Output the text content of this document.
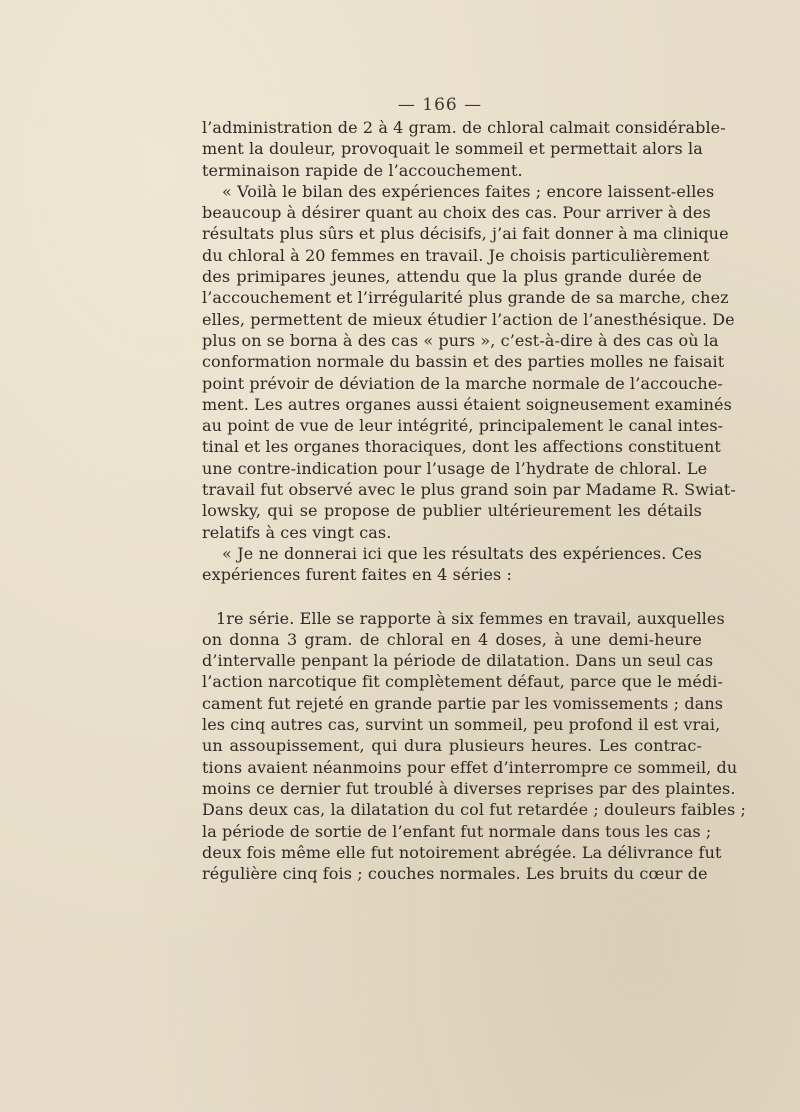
— 166 —
l’administration de 2 à 4 gram. de chloral calmait considérable-
ment la douleur, provoquait le sommeil et permettait alors la
terminaison rapide de l’accouchement.
« Voilà le bilan des expériences faites ; encore laissent-elles
beaucoup à désirer quant au choix des cas. Pour arriver à des
résultats plus sûrs et plus décisifs, j’ai fait donner à ma clinique
du chloral à 20 femmes en travail. Je choisis particulièrement
des primipares jeunes, attendu que la plus grande durée de
l’accouchement et l’irrégularité plus grande de sa marche, chez
elles, permettent de mieux étudier l’action de l’anesthésique. De
plus on se borna à des cas « purs », c’est-à-dire à des cas où la
conformation normale du bassin et des parties molles ne faisait
point prévoir de déviation de la marche normale de l’accouche-
ment. Les autres organes aussi étaient soigneusement examinés
au point de vue de leur intégrité, principalement le canal intes-
tinal et les organes thoraciques, dont les affections constituent
une contre-indication pour l’usage de l’hydrate de chloral. Le
travail fut observé avec le plus grand soin par Madame R. Swiat-
lowsky, qui se propose de publier ultérieurement les détails
relatifs à ces vingt cas.
« Je ne donnerai ici que les résultats des expériences. Ces
expériences furent faites en 4 séries :
1re série. Elle se rapporte à six femmes en travail, auxquelles
on donna 3 gram. de chloral en 4 doses, à une demi-heure
d’intervalle penpant la période de dilatation. Dans un seul cas
l’action narcotique fit complètement défaut, parce que le médi-
cament fut rejeté en grande partie par les vomissements ; dans
les cinq autres cas, survint un sommeil, peu profond il est vrai,
un assoupissement, qui dura plusieurs heures. Les contrac-
tions avaient néanmoins pour effet d’interrompre ce sommeil, du
moins ce dernier fut troublé à diverses reprises par des plaintes.
Dans deux cas, la dilatation du col fut retardée ; douleurs faibles ;
la période de sortie de l’enfant fut normale dans tous les cas ;
deux fois même elle fut notoirement abrégée. La délivrance fut
régulière cinq fois ; couches normales. Les bruits du cœur de
